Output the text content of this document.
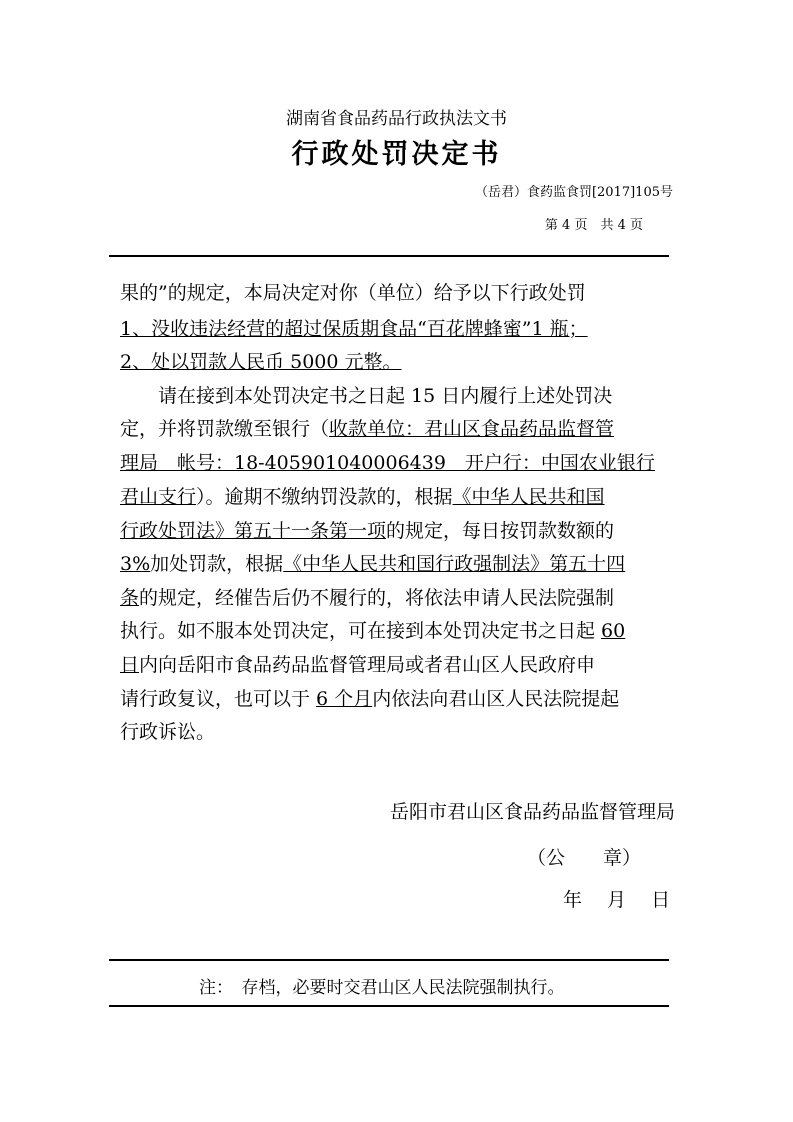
湖南省食品药品行政执法文书
行政处罚决定书
（岳君）食药监食罚[2017]105号
第 4 页　共 4 页
果的”的规定，本局决定对你（单位）给予以下行政处罚
1、没收违法经营的超过保质期食品“百花牌蜂蜜”1 瓶；
2、处以罚款人民币 5000 元整。
　　请在接到本处罚决定书之日起 15 日内履行上述处罚决
定，并将罚款缴至银行（收款单位：君山区食品药品监督管
理局　帐号：18-405901040006439　开户行：中国农业银行
君山支行）。逾期不缴纳罚没款的，根据《中华人民共和国
行政处罚法》第五十一条第一项的规定，每日按罚款数额的
3%加处罚款，根据《中华人民共和国行政强制法》第五十四
条的规定，经催告后仍不履行的，将依法申请人民法院强制
执行。如不服本处罚决定，可在接到本处罚决定书之日起 60
日内向岳阳市食品药品监督管理局或者君山区人民政府申
请行政复议，也可以于 6 个月内依法向君山区人民法院提起
行政诉讼。
岳阳市君山区食品药品监督管理局
（公　　章）
年　 月　 日
注：　存档，必要时交君山区人民法院强制执行。
